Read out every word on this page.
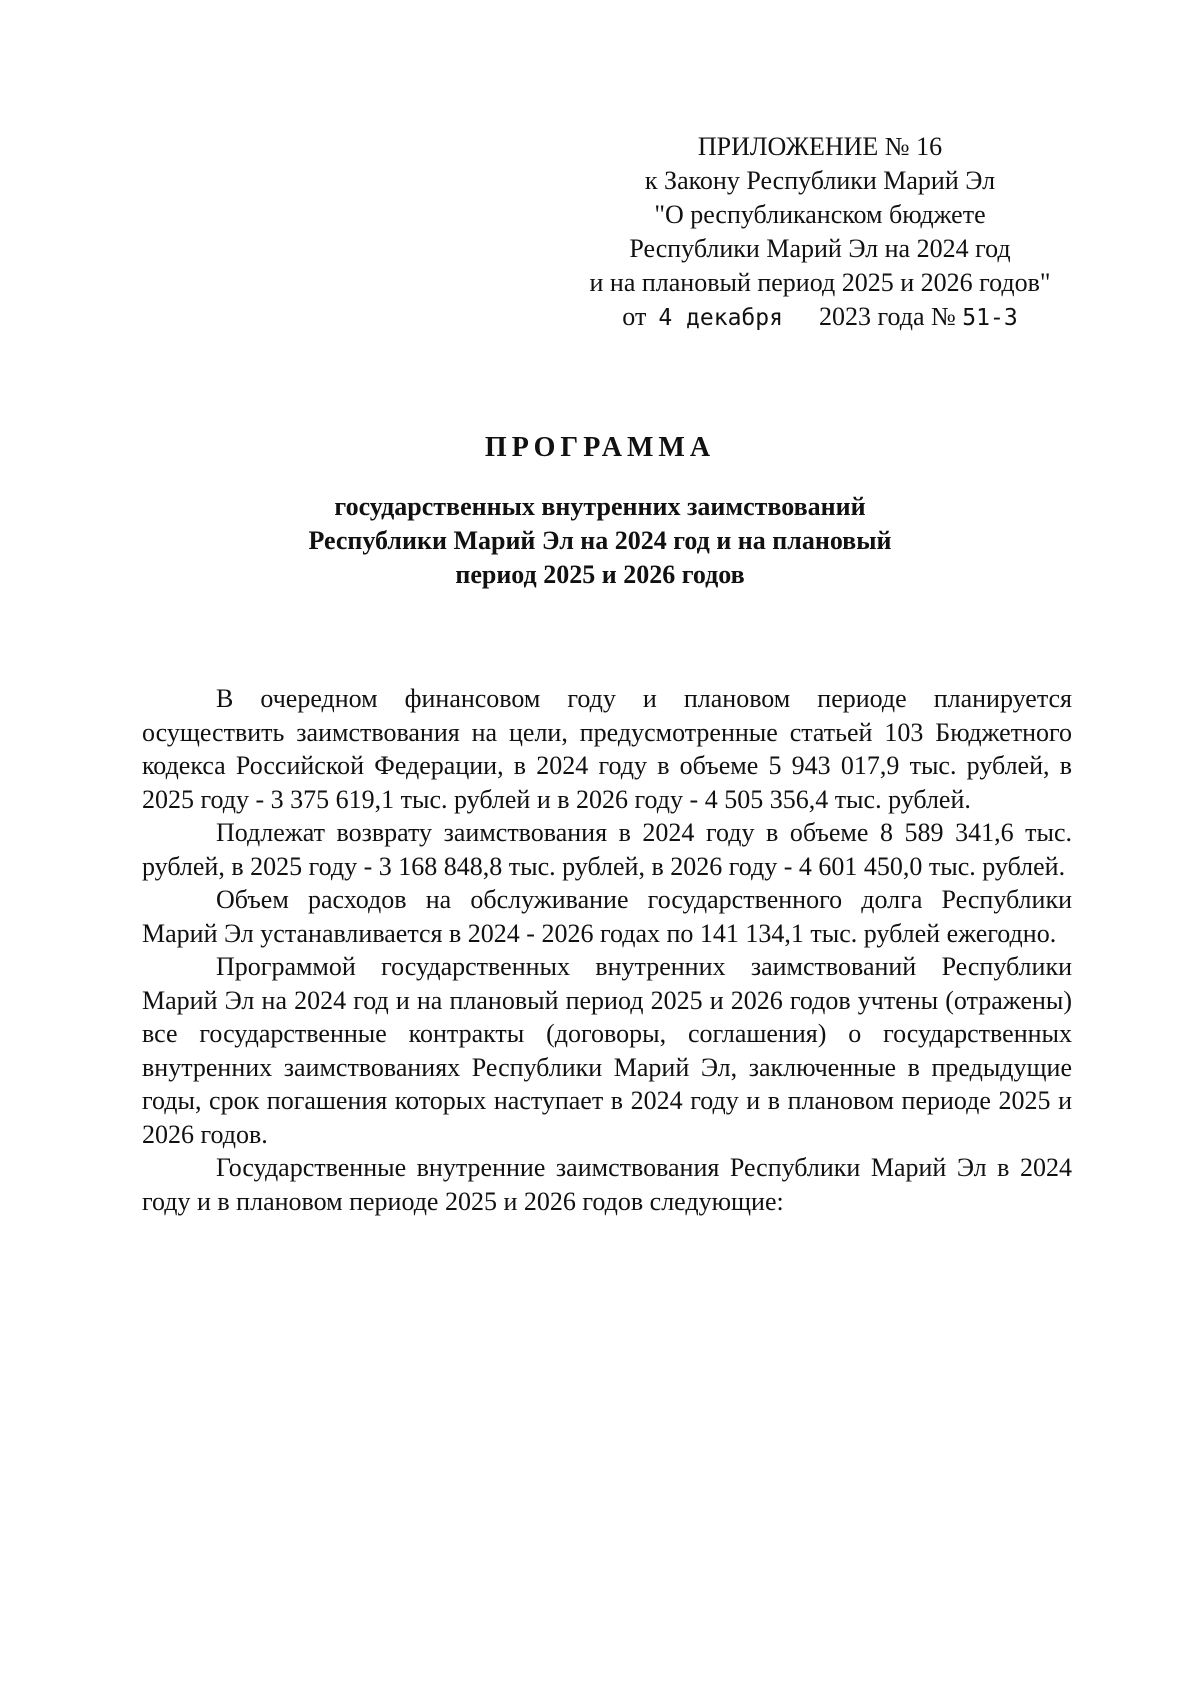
ПРИЛОЖЕНИЕ № 16
к Закону Республики Марий Эл
"О республиканском бюджете
Республики Марий Эл на 2024 год
и на плановый период 2025 и 2026 годов"
от 4 декабря 2023 года № 51-З
ПРОГРАММА
государственных внутренних заимствований
Республики Марий Эл на 2024 год и на плановый
период 2025 и 2026 годов

В очередном финансовом году и плановом периоде планируется осуществить заимствования на цели, предусмотренные статьей 103 Бюджетного кодекса Российской Федерации, в 2024 году в объеме 5 943 017,9 тыс. рублей, в 2025 году - 3 375 619,1 тыс. рублей и в 2026 году - 4 505 356,4 тыс. рублей.

Подлежат возврату заимствования в 2024 году в объеме 8 589 341,6 тыс. рублей, в 2025 году - 3 168 848,8 тыс. рублей, в 2026 году - 4 601 450,0 тыс. рублей.

Объем расходов на обслуживание государственного долга Республики Марий Эл устанавливается в 2024 - 2026 годах по 141 134,1 тыс. рублей ежегодно.

Программой государственных внутренних заимствований Республики Марий Эл на 2024 год и на плановый период 2025 и 2026 годов учтены (отражены) все государственные контракты (договоры, соглашения) о государственных внутренних заимствованиях Республики Марий Эл, заключенные в предыдущие годы, срок погашения которых наступает в 2024 году и в плановом периоде 2025 и 2026 годов.

Государственные внутренние заимствования Республики Марий Эл в 2024 году и в плановом периоде 2025 и 2026 годов следующие:
